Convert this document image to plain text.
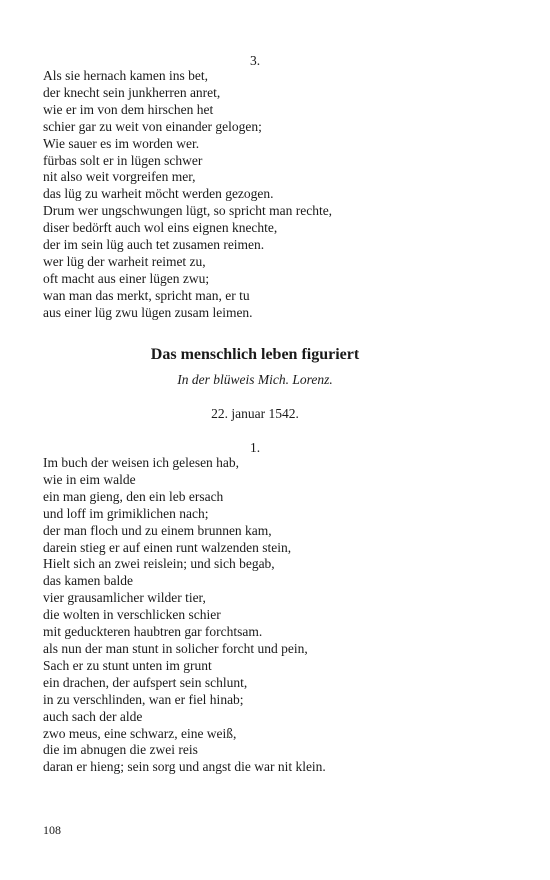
3.
Als sie hernach kamen ins bet,
der knecht sein junkherren anret,
wie er im von dem hirschen het
schier gar zu weit von einander gelogen;
Wie sauer es im worden wer.
fürbas solt er in lügen schwer
nit also weit vorgreifen mer,
das lüg zu warheit möcht werden gezogen.
Drum wer ungschwungen lügt, so spricht man rechte,
diser bedörft auch wol eins eignen knechte,
der im sein lüg auch tet zusamen reimen.
wer lüg der warheit reimet zu,
oft macht aus einer lügen zwu;
wan man das merkt, spricht man, er tu
aus einer lüg zwu lügen zusam leimen.
Das menschlich leben figuriert
In der blüweis Mich. Lorenz.
22. januar 1542.
1.
Im buch der weisen ich gelesen hab,
wie in eim walde
ein man gieng, den ein leb ersach
und loff im grimiklichen nach;
der man floch und zu einem brunnen kam,
darein stieg er auf einen runt walzenden stein,
Hielt sich an zwei reislein; und sich begab,
das kamen balde
vier grausamlicher wilder tier,
die wolten in verschlicken schier
mit geduckteren haubtren gar forchtsam.
als nun der man stunt in solicher forcht und pein,
Sach er zu stunt unten im grunt
ein drachen, der aufspert sein schlunt,
in zu verschlinden, wan er fiel hinab;
auch sach der alde
zwo meus, eine schwarz, eine weiß,
die im abnugen die zwei reis
daran er hieng; sein sorg und angst die war nit klein.
108
